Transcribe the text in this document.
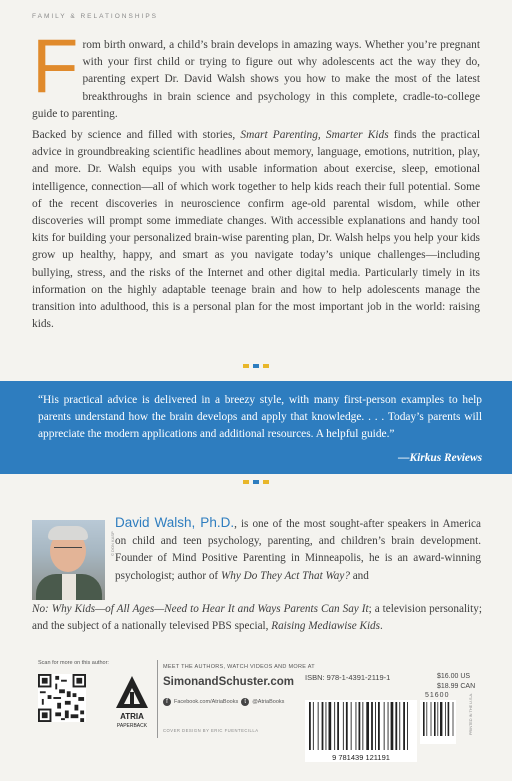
FAMILY & RELATIONSHIPS

From birth onward, a child’s brain develops in amazing ways. Whether you’re pregnant with your first child or trying to figure out why adolescents act the way they do, parenting expert Dr. David Walsh shows you how to make the most of the latest breakthroughs in brain science and psychology in this complete, cradle-to-college guide to parenting.

Backed by science and filled with stories, Smart Parenting, Smarter Kids finds the practical advice in groundbreaking scientific headlines about memory, language, emotions, nutrition, play, and more. Dr. Walsh equips you with usable information about exercise, sleep, emotional intelligence, connection—all of which work together to help kids reach their full potential. Some of the recent discoveries in neuroscience confirm age-old parental wisdom, while other discoveries will prompt some immediate changes. With accessible explanations and handy tool kits for building your personalized brain-wise parenting plan, Dr. Walsh helps you help your kids grow up healthy, happy, and smart as you navigate today’s unique challenges—including bullying, stress, and the risks of the Internet and other digital media. Particularly timely in its information on the highly adaptable teenage brain and how to help adolescents manage the transition into adulthood, this is a personal plan for the most important job in the world: raising kids.

“His practical advice is delivered in a breezy style, with many first-person examples to help parents understand how the brain develops and apply that knowledge. . . . Today’s parents will appreciate the modern applications and additional resources. A helpful guide.”
—Kirkus Reviews
© DON KASP
David Walsh, Ph.D., is one of the most sought-after speakers in America on child and teen psychology, parenting, and children’s brain development. Founder of Mind Positive Parenting in Minneapolis, he is an award-winning psychologist; author of Why Do They Act That Way? and
No: Why Kids—of All Ages—Need to Hear It and Ways Parents Can Say It; a television personality; and the subject of a nationally televised PBS special, Raising Mediawise Kids.
Scan for more on this author:
ATRIA
PAPERBACK
MEET THE AUTHORS, WATCH VIDEOS AND MORE AT
SimonandSchuster.com
f	Facebook.com/AtriaBooks	t	@AtriaBooks
COVER DESIGN BY ERIC FUENTECILLA
ISBN: 978-1-4391-2119-1	$16.00 US
$18.99 CAN
51600
9 781439 121191
PRINTED IN THE U.S.A.
